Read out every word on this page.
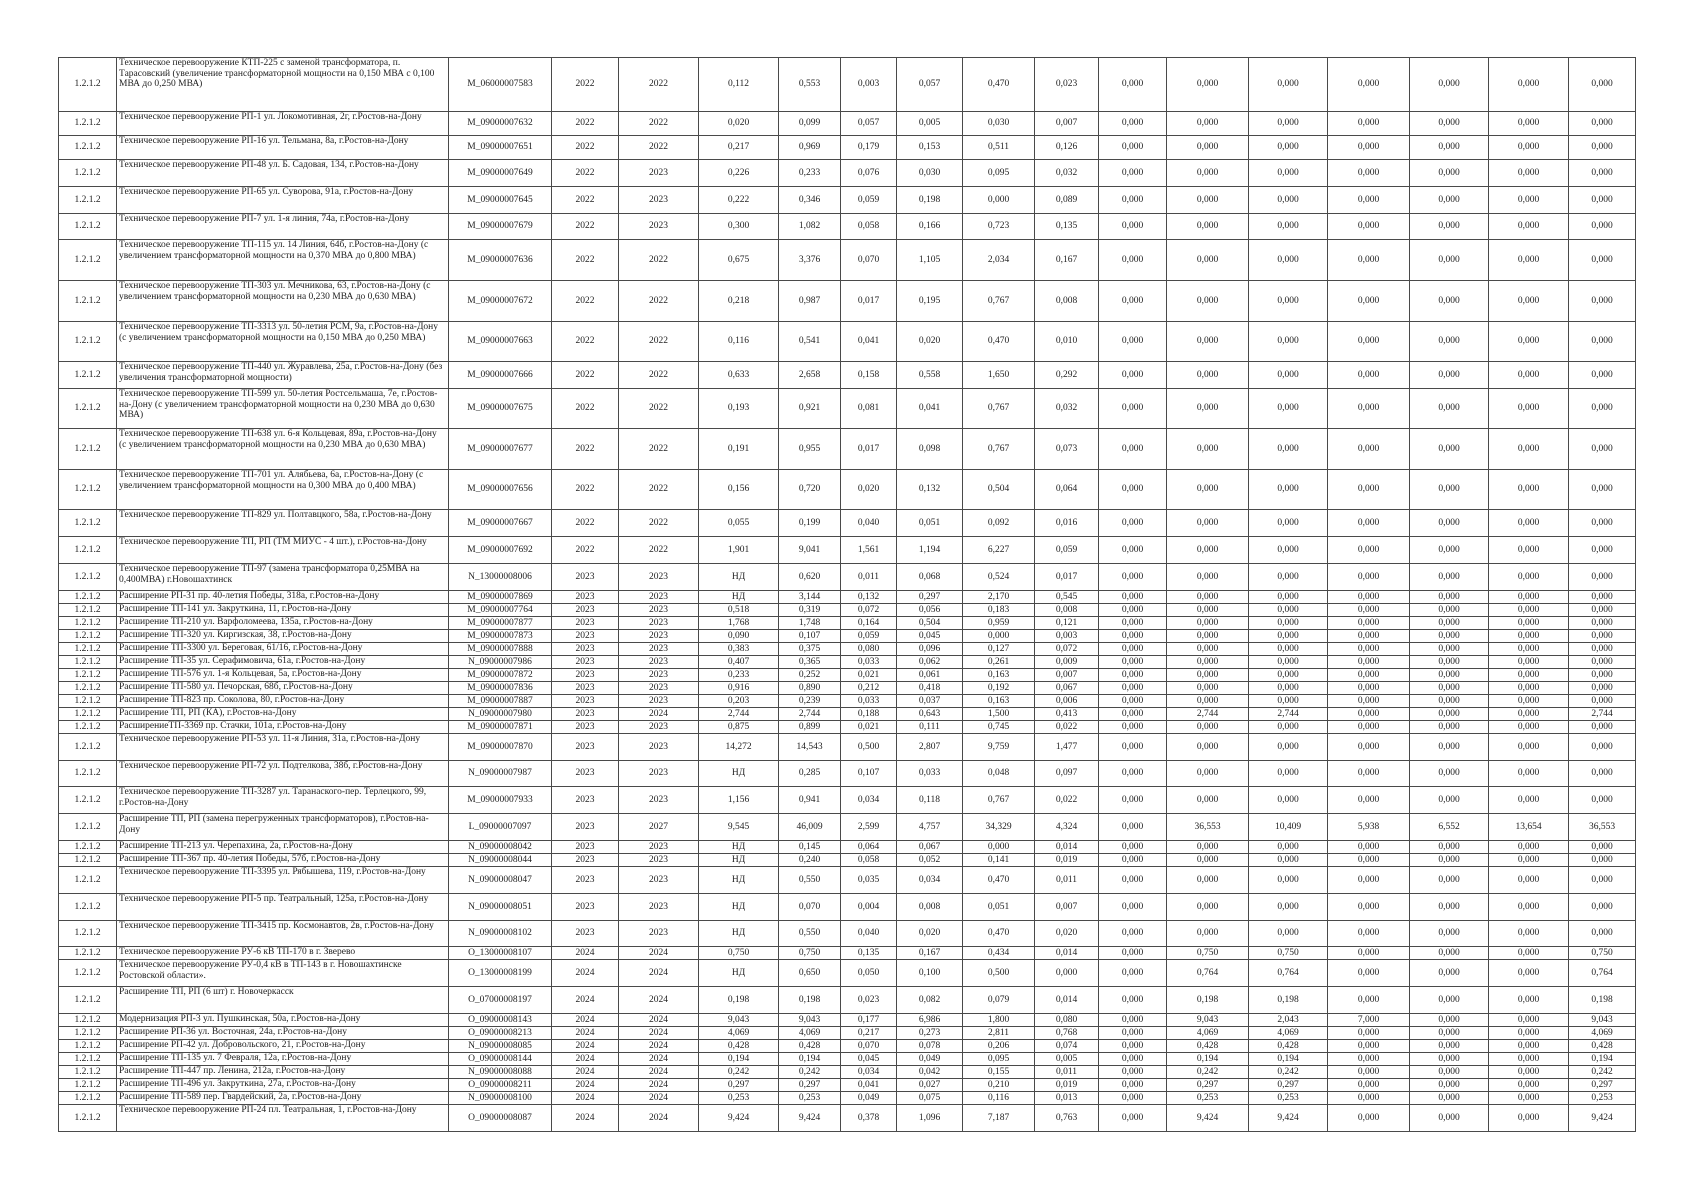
1.2.1.2	Техническое перевооружение КТП-225 с заменой трансформатора, п. Тарасовский (увеличение трансформаторной мощности на 0,150 МВА с 0,100 МВА до 0,250 МВА)	M_06000007583	2022	2022	0,112	0,553	0,003	0,057	0,470	0,023	0,000	0,000	0,000	0,000	0,000	0,000	0,000
1.2.1.2	Техническое перевооружение РП-1 ул. Локомотивная, 2г, г.Ростов-на-Дону	M_09000007632	2022	2022	0,020	0,099	0,057	0,005	0,030	0,007	0,000	0,000	0,000	0,000	0,000	0,000	0,000
1.2.1.2	Техническое перевооружение РП-16 ул. Тельмана, 8а, г.Ростов-на-Дону	M_09000007651	2022	2022	0,217	0,969	0,179	0,153	0,511	0,126	0,000	0,000	0,000	0,000	0,000	0,000	0,000
1.2.1.2	Техническое перевооружение РП-48 ул. Б. Садовая, 134, г.Ростов-на-Дону	M_09000007649	2022	2023	0,226	0,233	0,076	0,030	0,095	0,032	0,000	0,000	0,000	0,000	0,000	0,000	0,000
1.2.1.2	Техническое перевооружение РП-65 ул. Суворова, 91а, г.Ростов-на-Дону	M_09000007645	2022	2023	0,222	0,346	0,059	0,198	0,000	0,089	0,000	0,000	0,000	0,000	0,000	0,000	0,000
1.2.1.2	Техническое перевооружение РП-7 ул. 1-я линия, 74а, г.Ростов-на-Дону	M_09000007679	2022	2023	0,300	1,082	0,058	0,166	0,723	0,135	0,000	0,000	0,000	0,000	0,000	0,000	0,000
1.2.1.2	Техническое перевооружение ТП-115 ул. 14 Линия, 64б, г.Ростов-на-Дону (с увеличением трансформаторной мощности на 0,370 МВА до 0,800 МВА)	M_09000007636	2022	2022	0,675	3,376	0,070	1,105	2,034	0,167	0,000	0,000	0,000	0,000	0,000	0,000	0,000
1.2.1.2	Техническое перевооружение ТП-303 ул. Мечникова, 63, г.Ростов-на-Дону (с увеличением трансформаторной мощности на 0,230 МВА до 0,630 МВА)	M_09000007672	2022	2022	0,218	0,987	0,017	0,195	0,767	0,008	0,000	0,000	0,000	0,000	0,000	0,000	0,000
1.2.1.2	Техническое перевооружение ТП-3313 ул. 50-летия РСМ, 9а, г.Ростов-на-Дону (с увеличением трансформаторной мощности на 0,150 МВА до 0,250 МВА)	M_09000007663	2022	2022	0,116	0,541	0,041	0,020	0,470	0,010	0,000	0,000	0,000	0,000	0,000	0,000	0,000
1.2.1.2	Техническое перевооружение ТП-440 ул. Журавлева, 25а, г.Ростов-на-Дону (без увеличения трансформаторной мощности)	M_09000007666	2022	2022	0,633	2,658	0,158	0,558	1,650	0,292	0,000	0,000	0,000	0,000	0,000	0,000	0,000
1.2.1.2	Техническое перевооружение ТП-599 ул. 50-летия Ростсельмаша, 7е, г.Ростов-на-Дону (с увеличением трансформаторной мощности на 0,230 МВА до 0,630 МВА)	M_09000007675	2022	2022	0,193	0,921	0,081	0,041	0,767	0,032	0,000	0,000	0,000	0,000	0,000	0,000	0,000
1.2.1.2	Техническое перевооружение ТП-638 ул. 6-я Кольцевая, 89а, г.Ростов-на-Дону (с увеличением трансформаторной мощности на 0,230 МВА до 0,630 МВА)	M_09000007677	2022	2022	0,191	0,955	0,017	0,098	0,767	0,073	0,000	0,000	0,000	0,000	0,000	0,000	0,000
1.2.1.2	Техническое перевооружение ТП-701 ул. Алябьева, 6а, г.Ростов-на-Дону (с увеличением трансформаторной мощности на 0,300 МВА до 0,400 МВА)	M_09000007656	2022	2022	0,156	0,720	0,020	0,132	0,504	0,064	0,000	0,000	0,000	0,000	0,000	0,000	0,000
1.2.1.2	Техническое перевооружение ТП-829 ул. Полтавцкого, 58а, г.Ростов-на-Дону	M_09000007667	2022	2022	0,055	0,199	0,040	0,051	0,092	0,016	0,000	0,000	0,000	0,000	0,000	0,000	0,000
1.2.1.2	Техническое перевооружение ТП, РП (ТМ МИУС - 4 шт.), г.Ростов-на-Дону	M_09000007692	2022	2022	1,901	9,041	1,561	1,194	6,227	0,059	0,000	0,000	0,000	0,000	0,000	0,000	0,000
1.2.1.2	Техническое перевооружение ТП-97 (замена трансформатора 0,25МВА на 0,400МВА) г.Новошахтинск	N_13000008006	2023	2023	НД	0,620	0,011	0,068	0,524	0,017	0,000	0,000	0,000	0,000	0,000	0,000	0,000
1.2.1.2	Расширение РП-31 пр. 40-летия Победы, 318а, г.Ростов-на-Дону	M_09000007869	2023	2023	НД	3,144	0,132	0,297	2,170	0,545	0,000	0,000	0,000	0,000	0,000	0,000	0,000
1.2.1.2	Расширение ТП-141 ул. Закруткина, 11, г.Ростов-на-Дону	M_09000007764	2023	2023	0,518	0,319	0,072	0,056	0,183	0,008	0,000	0,000	0,000	0,000	0,000	0,000	0,000
1.2.1.2	Расширение ТП-210 ул. Варфоломеева, 135а, г.Ростов-на-Дону	M_09000007877	2023	2023	1,768	1,748	0,164	0,504	0,959	0,121	0,000	0,000	0,000	0,000	0,000	0,000	0,000
1.2.1.2	Расширение ТП-320 ул. Киргизская, 38, г.Ростов-на-Дону	M_09000007873	2023	2023	0,090	0,107	0,059	0,045	0,000	0,003	0,000	0,000	0,000	0,000	0,000	0,000	0,000
1.2.1.2	Расширение ТП-3300 ул. Береговая, 61/16, г.Ростов-на-Дону	M_09000007888	2023	2023	0,383	0,375	0,080	0,096	0,127	0,072	0,000	0,000	0,000	0,000	0,000	0,000	0,000
1.2.1.2	Расширение ТП-35 ул. Серафимовича, 61а, г.Ростов-на-Дону	N_09000007986	2023	2023	0,407	0,365	0,033	0,062	0,261	0,009	0,000	0,000	0,000	0,000	0,000	0,000	0,000
1.2.1.2	Расширение ТП-576 ул. 1-я Кольцевая, 5а, г.Ростов-на-Дону	M_09000007872	2023	2023	0,233	0,252	0,021	0,061	0,163	0,007	0,000	0,000	0,000	0,000	0,000	0,000	0,000
1.2.1.2	Расширение ТП-580 ул. Печорская, 68б, г.Ростов-на-Дону	M_09000007836	2023	2023	0,916	0,890	0,212	0,418	0,192	0,067	0,000	0,000	0,000	0,000	0,000	0,000	0,000
1.2.1.2	Расширение ТП-823 пр. Соколова, 80, г.Ростов-на-Дону	M_09000007887	2023	2023	0,203	0,239	0,033	0,037	0,163	0,006	0,000	0,000	0,000	0,000	0,000	0,000	0,000
1.2.1.2	Расширение ТП, РП (КА), г.Ростов-на-Дону	N_09000007980	2023	2024	2,744	2,744	0,188	0,643	1,500	0,413	0,000	2,744	2,744	0,000	0,000	0,000	2,744
1.2.1.2	РасширениеТП-3369 пр. Стачки, 101а, г.Ростов-на-Дону	M_09000007871	2023	2023	0,875	0,899	0,021	0,111	0,745	0,022	0,000	0,000	0,000	0,000	0,000	0,000	0,000
1.2.1.2	Техническое перевооружение РП-53 ул. 11-я Линия, 31а, г.Ростов-на-Дону	M_09000007870	2023	2023	14,272	14,543	0,500	2,807	9,759	1,477	0,000	0,000	0,000	0,000	0,000	0,000	0,000
1.2.1.2	Техническое перевооружение РП-72 ул. Подтелкова, 38б, г.Ростов-на-Дону	N_09000007987	2023	2023	НД	0,285	0,107	0,033	0,048	0,097	0,000	0,000	0,000	0,000	0,000	0,000	0,000
1.2.1.2	Техническое перевооружение ТП-3287 ул. Таранаского-пер. Терлецкого, 99, г.Ростов-на-Дону	M_09000007933	2023	2023	1,156	0,941	0,034	0,118	0,767	0,022	0,000	0,000	0,000	0,000	0,000	0,000	0,000
1.2.1.2	Расширение ТП, РП (замена перегруженных трансформаторов), г.Ростов-на-Дону	L_09000007097	2023	2027	9,545	46,009	2,599	4,757	34,329	4,324	0,000	36,553	10,409	5,938	6,552	13,654	36,553
1.2.1.2	Расширение ТП-213 ул. Черепахина, 2а, г.Ростов-на-Дону	N_09000008042	2023	2023	НД	0,145	0,064	0,067	0,000	0,014	0,000	0,000	0,000	0,000	0,000	0,000	0,000
1.2.1.2	Расширение ТП-367 пр. 40-летия Победы, 57б, г.Ростов-на-Дону	N_09000008044	2023	2023	НД	0,240	0,058	0,052	0,141	0,019	0,000	0,000	0,000	0,000	0,000	0,000	0,000
1.2.1.2	Техническое перевооружение ТП-3395 ул. Рябышева, 119, г.Ростов-на-Дону	N_09000008047	2023	2023	НД	0,550	0,035	0,034	0,470	0,011	0,000	0,000	0,000	0,000	0,000	0,000	0,000
1.2.1.2	Техническое перевооружение РП-5 пр. Театральный, 125а, г.Ростов-на-Дону	N_09000008051	2023	2023	НД	0,070	0,004	0,008	0,051	0,007	0,000	0,000	0,000	0,000	0,000	0,000	0,000
1.2.1.2	Техническое перевооружение ТП-3415 пр. Космонавтов, 2в, г.Ростов-на-Дону	N_09000008102	2023	2023	НД	0,550	0,040	0,020	0,470	0,020	0,000	0,000	0,000	0,000	0,000	0,000	0,000
1.2.1.2	Техническое перевооружение РУ-6 кВ ТП-170 в г. Зверево	O_13000008107	2024	2024	0,750	0,750	0,135	0,167	0,434	0,014	0,000	0,750	0,750	0,000	0,000	0,000	0,750
1.2.1.2	Техническое перевооружение РУ-0,4 кВ в ТП-143 в г. Новошахтинске Ростовской области».	O_13000008199	2024	2024	НД	0,650	0,050	0,100	0,500	0,000	0,000	0,764	0,764	0,000	0,000	0,000	0,764
1.2.1.2	Расширение ТП, РП (6 шт) г. Новочеркасск	O_07000008197	2024	2024	0,198	0,198	0,023	0,082	0,079	0,014	0,000	0,198	0,198	0,000	0,000	0,000	0,198
1.2.1.2	Модернизация РП-3 ул. Пушкинская, 50а, г.Ростов-на-Дону	O_09000008143	2024	2024	9,043	9,043	0,177	6,986	1,800	0,080	0,000	9,043	2,043	7,000	0,000	0,000	9,043
1.2.1.2	Расширение РП-36 ул. Восточная, 24а, г.Ростов-на-Дону	O_09000008213	2024	2024	4,069	4,069	0,217	0,273	2,811	0,768	0,000	4,069	4,069	0,000	0,000	0,000	4,069
1.2.1.2	Расширение РП-42 ул. Добровольского, 21, г.Ростов-на-Дону	N_09000008085	2024	2024	0,428	0,428	0,070	0,078	0,206	0,074	0,000	0,428	0,428	0,000	0,000	0,000	0,428
1.2.1.2	Расширение ТП-135 ул. 7 Февраля, 12а, г.Ростов-на-Дону	O_09000008144	2024	2024	0,194	0,194	0,045	0,049	0,095	0,005	0,000	0,194	0,194	0,000	0,000	0,000	0,194
1.2.1.2	Расширение ТП-447 пр. Ленина, 212а, г.Ростов-на-Дону	N_09000008088	2024	2024	0,242	0,242	0,034	0,042	0,155	0,011	0,000	0,242	0,242	0,000	0,000	0,000	0,242
1.2.1.2	Расширение ТП-496 ул. Закруткина, 27а, г.Ростов-на-Дону	O_09000008211	2024	2024	0,297	0,297	0,041	0,027	0,210	0,019	0,000	0,297	0,297	0,000	0,000	0,000	0,297
1.2.1.2	Расширение ТП-589 пер. Гвардейский, 2а, г.Ростов-на-Дону	N_09000008100	2024	2024	0,253	0,253	0,049	0,075	0,116	0,013	0,000	0,253	0,253	0,000	0,000	0,000	0,253
1.2.1.2	Техническое перевооружение РП-24 пл. Театральная, 1, г.Ростов-на-Дону	O_09000008087	2024	2024	9,424	9,424	0,378	1,096	7,187	0,763	0,000	9,424	9,424	0,000	0,000	0,000	9,424
